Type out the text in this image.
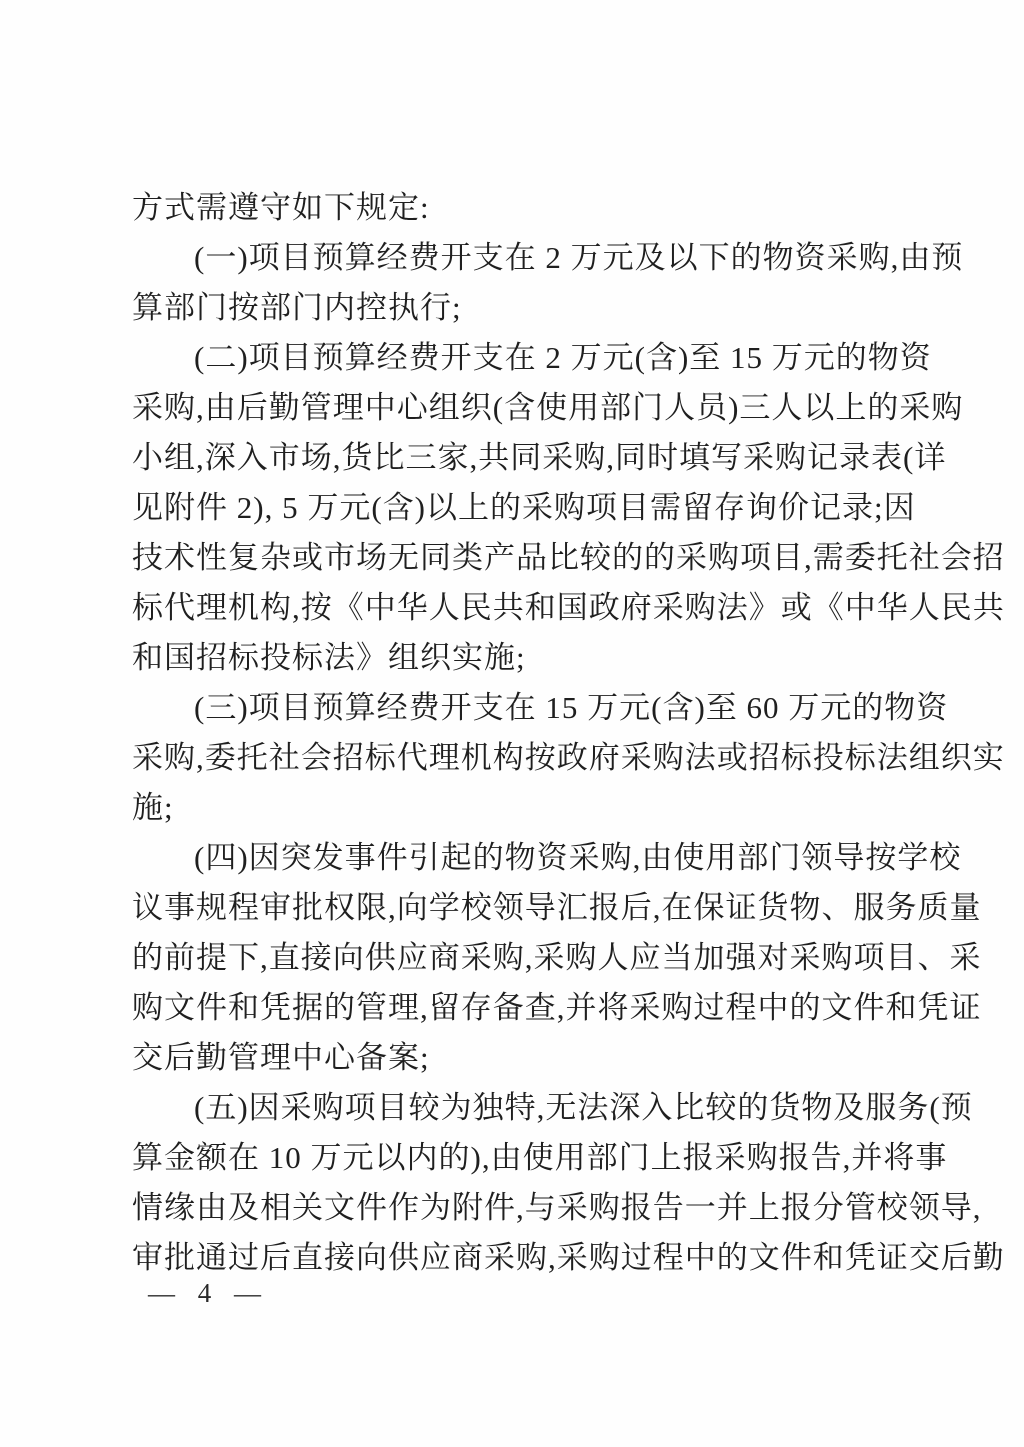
方式需遵守如下规定:
(一)项目预算经费开支在 2 万元及以下的物资采购,由预
算部门按部门内控执行;
(二)项目预算经费开支在 2 万元(含)至 15 万元的物资
采购,由后勤管理中心组织(含使用部门人员)三人以上的采购
小组,深入市场,货比三家,共同采购,同时填写采购记录表(详
见附件 2), 5 万元(含)以上的采购项目需留存询价记录;因
技术性复杂或市场无同类产品比较的的采购项目,需委托社会招
标代理机构,按《中华人民共和国政府采购法》或《中华人民共
和国招标投标法》组织实施;
(三)项目预算经费开支在 15 万元(含)至 60 万元的物资
采购,委托社会招标代理机构按政府采购法或招标投标法组织实
施;
(四)因突发事件引起的物资采购,由使用部门领导按学校
议事规程审批权限,向学校领导汇报后,在保证货物、服务质量
的前提下,直接向供应商采购,采购人应当加强对采购项目、采
购文件和凭据的管理,留存备查,并将采购过程中的文件和凭证
交后勤管理中心备案;
(五)因采购项目较为独特,无法深入比较的货物及服务(预
算金额在 10 万元以内的),由使用部门上报采购报告,并将事
情缘由及相关文件作为附件,与采购报告一并上报分管校领导,
审批通过后直接向供应商采购,采购过程中的文件和凭证交后勤
— 4 —
